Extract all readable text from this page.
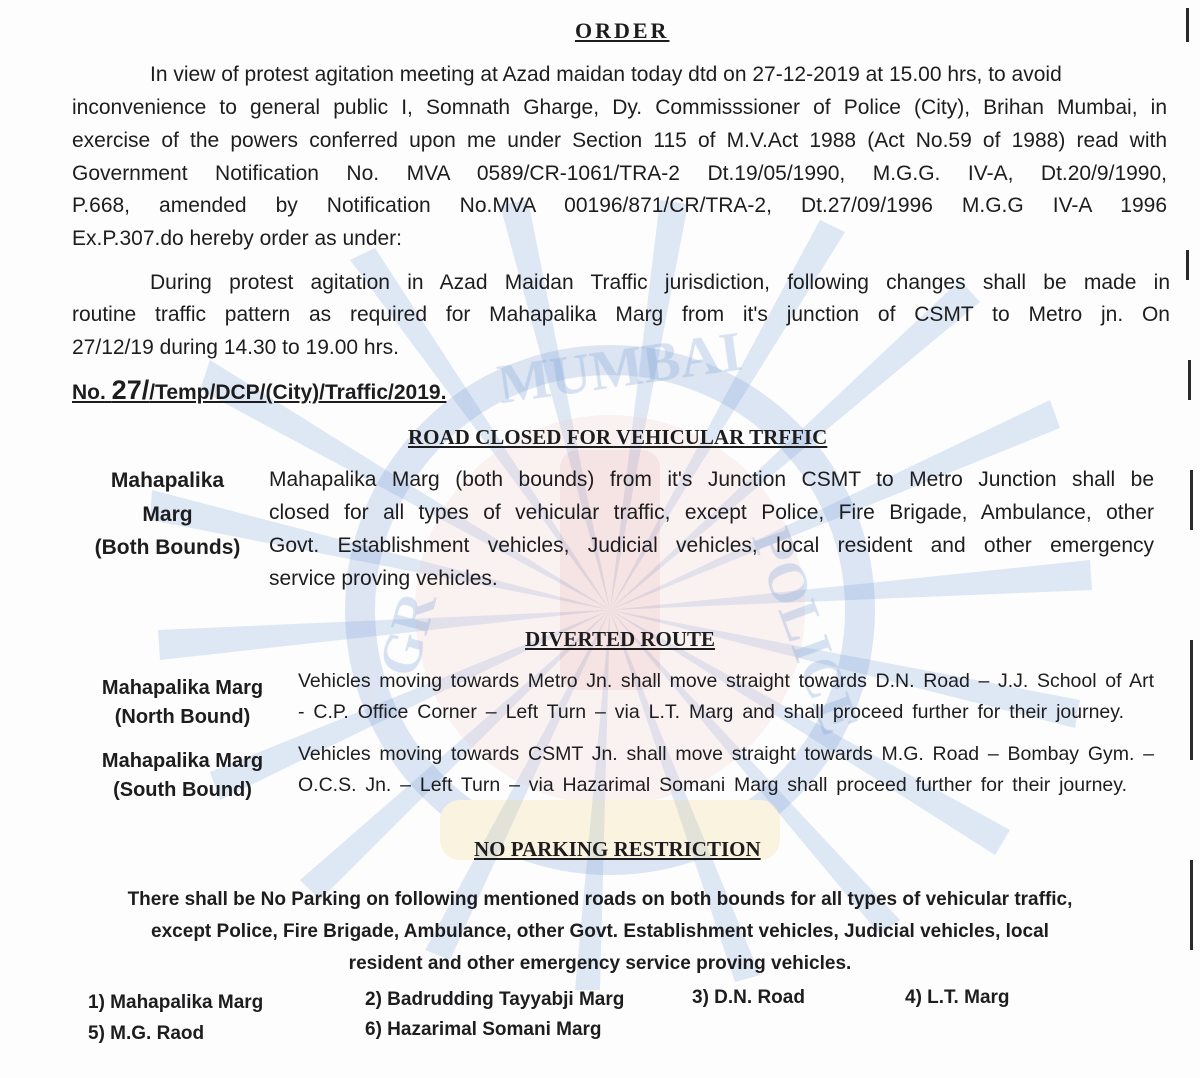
MUMBAI
POLICE
GR
ORDER
In view of protest agitation meeting at Azad maidan today dtd on 27-12-2019 at 15.00 hrs, to avoid
inconvenience to general public I, Somnath Gharge, Dy. Commisssioner of Police (City), Brihan Mumbai, in
exercise of the powers conferred upon me under Section 115 of M.V.Act 1988 (Act No.59 of 1988) read with
Government Notification No. MVA 0589/CR-1061/TRA-2 Dt.19/05/1990, M.G.G. IV-A, Dt.20/9/1990,
P.668, amended by Notification No.MVA 00196/871/CR/TRA-2, Dt.27/09/1996 M.G.G IV-A 1996
Ex.P.307.do hereby order as under:
During protest agitation in Azad Maidan Traffic jurisdiction, following changes shall be made in
routine traffic pattern as required for Mahapalika Marg from it's junction of CSMT to Metro jn. On
27/12/19 during 14.30 to 19.00 hrs.
No. 27//Temp/DCP/(City)/Traffic/2019.
ROAD CLOSED FOR VEHICULAR TRFFIC
Mahapalika
Marg
(Both Bounds)
Mahapalika Marg (both bounds) from it's Junction CSMT to Metro Junction shall be
closed for all types of vehicular traffic, except Police, Fire Brigade, Ambulance, other
Govt. Establishment vehicles, Judicial vehicles, local resident and other emergency
service proving vehicles.
DIVERTED ROUTE
Mahapalika Marg
(North Bound)
Vehicles moving towards Metro Jn. shall move straight towards D.N. Road – J.J. School of Art
- C.P. Office Corner – Left Turn – via L.T. Marg and shall proceed further for their journey.
Mahapalika Marg
(South Bound)
Vehicles moving towards CSMT Jn. shall move straight towards M.G. Road – Bombay Gym. –
O.C.S. Jn. – Left Turn – via Hazarimal Somani Marg shall proceed further for their journey.
NO PARKING RESTRICTION
There shall be No Parking on following mentioned roads on both bounds for all types of vehicular traffic,
except Police, Fire Brigade, Ambulance, other Govt. Establishment vehicles, Judicial vehicles, local
resident and other emergency service proving vehicles.
1) Mahapalika Marg	2) Badrudding Tayyabji Marg	3) D.N. Road	4) L.T. Marg
5) M.G. Raod	6) Hazarimal Somani Marg
